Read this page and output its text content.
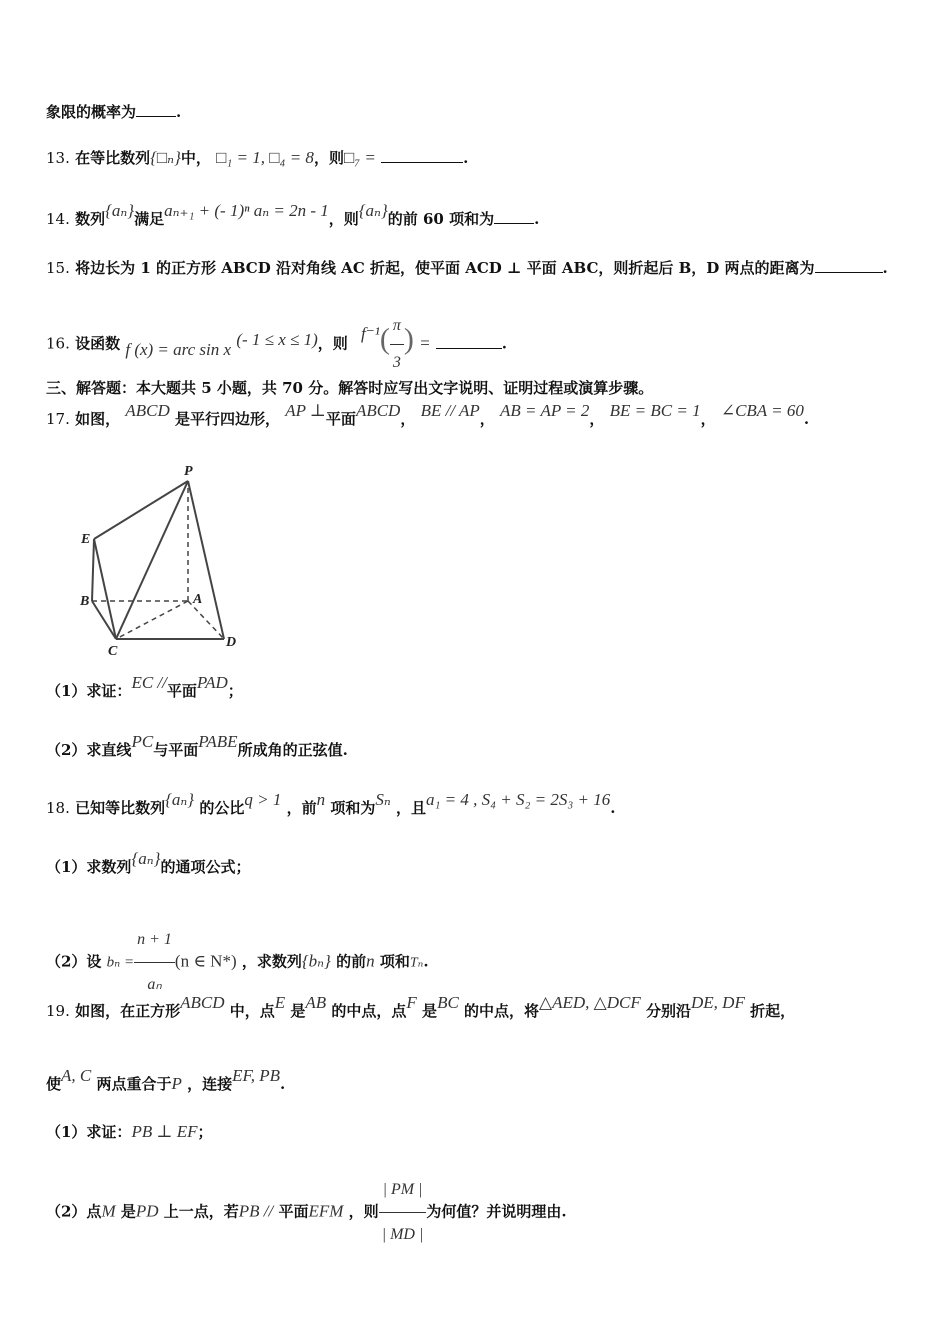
象限的概率为	.
13. 在等比数列{□ₙ}中， □₁ = 1, □₄ = 8，则□₇ =	.
14. 数列{aₙ}满足aₙ₊₁ + (- 1)ⁿ aₙ = 2n - 1，则{aₙ}的前 60 项和为	.
15. 将边长为 1 的正方形 ABCD 沿对角线 AC 折起，使平面 ACD ⊥ 平面 ABC，则折起后 B，D 两点的距离为	.
16. 设函数 f (x) = arc sin x (- 1 ≤ x ≤ 1)，则 $f^{-1}( \frac{\pi}{3}$ ) =	.
三、解答题：本大题共 5 小题，共 70 分。解答时应写出文字说明、证明过程或演算步骤。
17. 如图， ABCD 是平行四边形， AP ⊥平面ABCD， BE // AP， AB = AP = 2， BE = BC = 1， ∠CBA = 60.
P
E
B	A
C
D
（1）求证：EC //平面PAD；
（2）求直线PC与平面PABE所成角的正弦值.
18. 已知等比数列{aₙ} 的公比q > 1 ，前n 项和为Sₙ ，且a₁ = 4 , S₄ + S₂ = 2S₃ + 16.
（1）求数列{aₙ}的通项公式；
（2）设 $b_n = \frac{n + 1}{\text{aₙ}} (n$ ∈ N*) ，求数列{bₙ} 的前n 项和Tₙ.
19. 如图，在正方形ABCD 中，点E 是AB 的中点，点F 是BC 的中点，将△AED, △DCF 分别沿DE, DF 折起，
使A, C 两点重合于P ，连接EF, PB.
（1）求证：PB ⊥ EF；
（2）点M 是PD 上一点，若PB // 平面EFM ，则 $\frac{| PM |}{| MD |}$ 为何值？并说明理由.
